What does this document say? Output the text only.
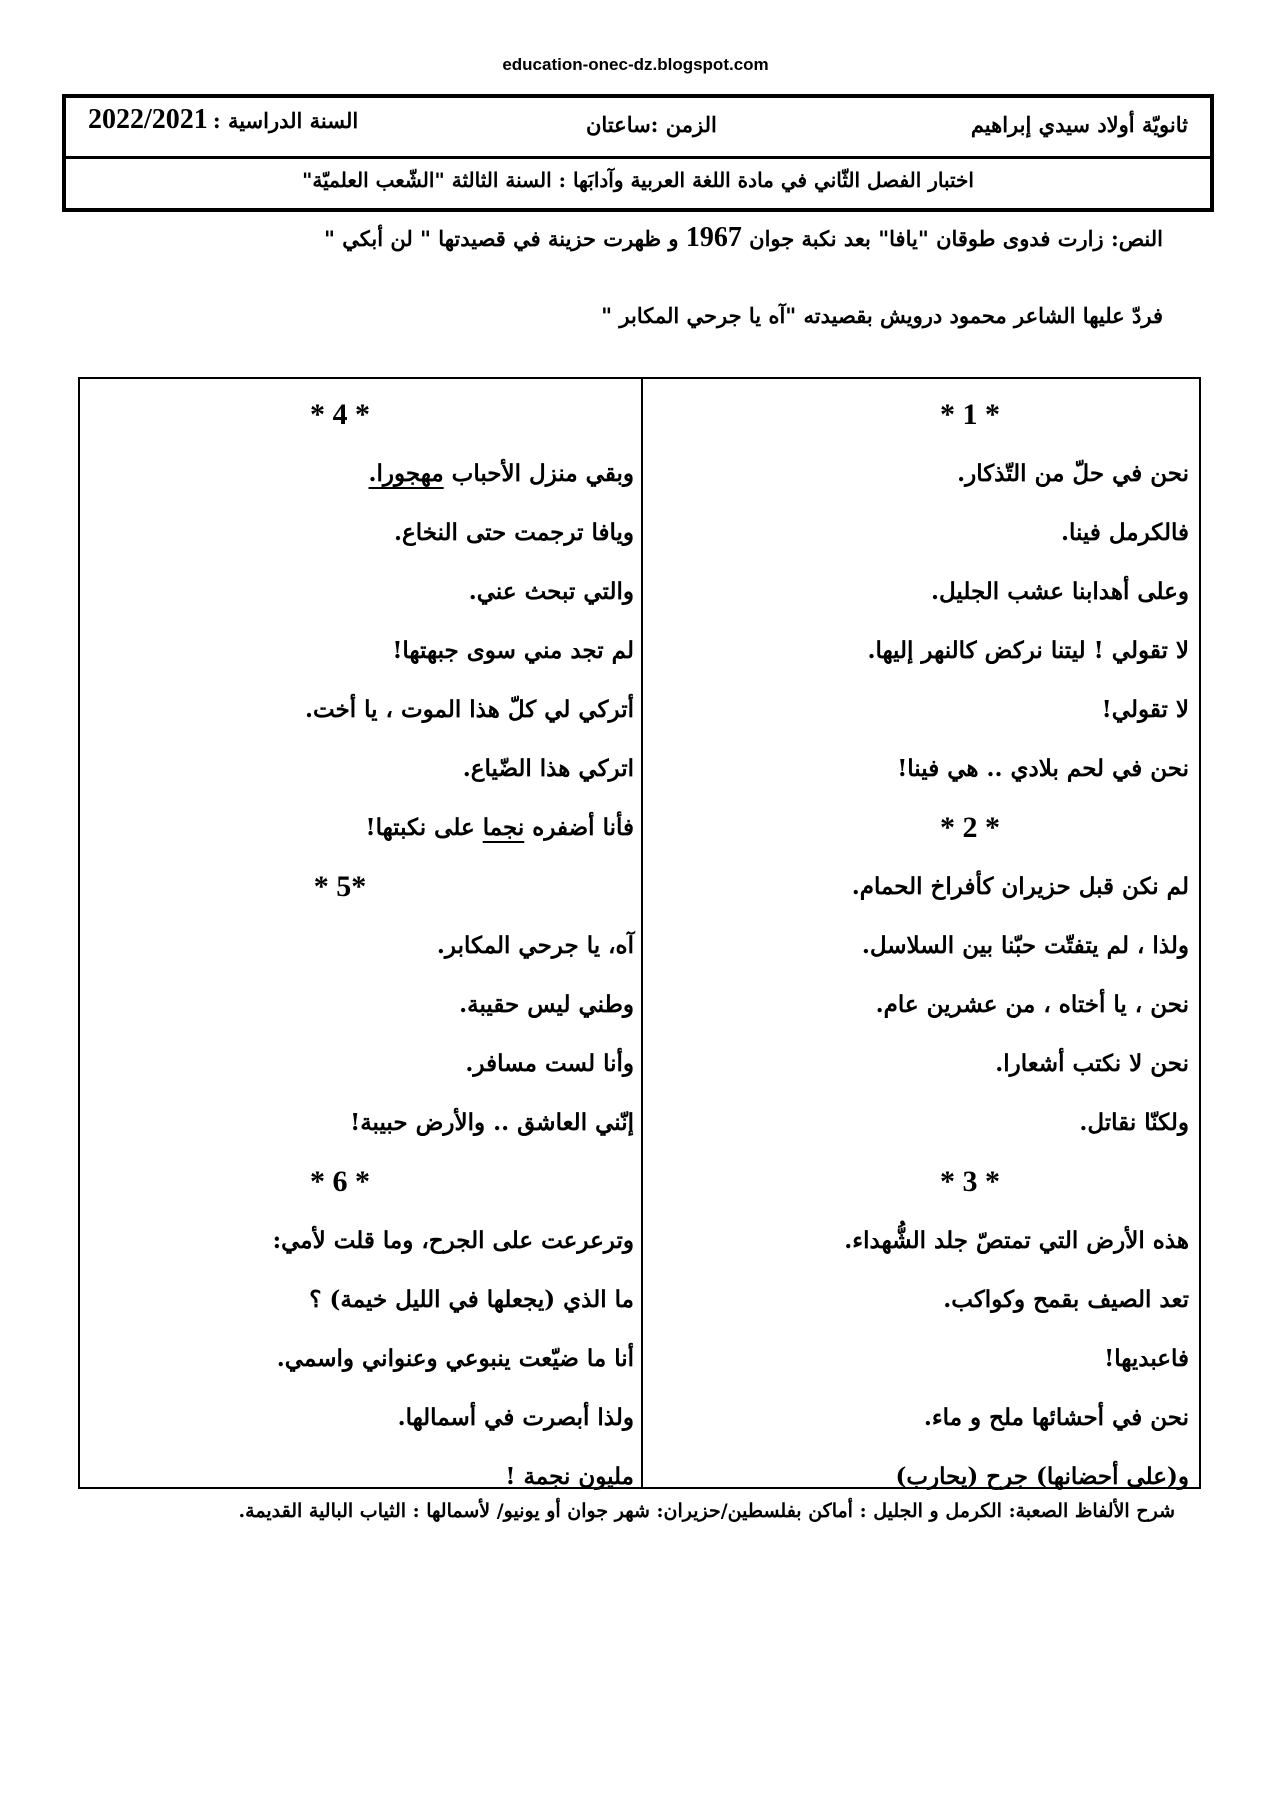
education-onec-dz.blogspot.com
ثانويّة أولاد سيدي إبراهيم
الزمن :ساعتان
السنة الدراسية : 2022/2021
اختبار الفصل الثّاني في مادة اللغة العربية وآدابَها : السنة الثالثة "الشّعب العلميّة"
النص: زارت فدوى طوقان "يافا" بعد نكبة جوان 1967 و ظهرت حزينة في قصيدتها " لن أبكي "
فردّ عليها الشاعر محمود درويش بقصيدته "آه يا جرحي المكابر "
* 1 *
نحن في حلّ من التّذكار.
فالكرمل فينا.
وعلى أهدابنا عشب الجليل.
لا تقولي ! ليتنا نركض كالنهر إليها.
لا تقولي!
نحن في لحم بلادي .. هي فينا!
* 2 *
لم نكن قبل حزيران كأفراخ الحمام.
ولذا ، لم يتفتّت حبّنا بين السلاسل.
نحن ، يا أختاه ، من عشرين عام.
نحن لا نكتب أشعارا.
ولكنّا نقاتل.
* 3 *
هذه الأرض التي تمتصّ جلد الشُّهداء.
تعد الصيف بقمح وكواكب.
فاعبديها!
نحن في أحشائها ملح و ماء.
و(على أحضانها) جرح (يحارب)
* 4 *
وبقي منزل الأحباب مهجورا.
ويافا ترجمت حتى النخاع.
والتي تبحث عني.
لم تجد مني سوى جبهتها!
أتركي لي كلّ هذا الموت ، يا أخت.
اتركي هذا الضّياع.
فأنا أضفره نجما على نكبتها!
* 5*
آه، يا جرحي المكابر.
وطني ليس حقيبة.
وأنا لست مسافر.
إنّني العاشق .. والأرض حبيبة!
* 6 *
وترعرعت على الجرح، وما قلت لأمي:
ما الذي (يجعلها في الليل خيمة) ؟
أنا ما ضيّعت ينبوعي وعنواني واسمي.
ولذا أبصرت في أسمالها.
مليون نجمة !
شرح الألفاظ الصعبة: الكرمل و الجليل : أماكن بفلسطين/حزيران: شهر جوان أو يونيو/ لأسمالها : الثياب البالية القديمة.
